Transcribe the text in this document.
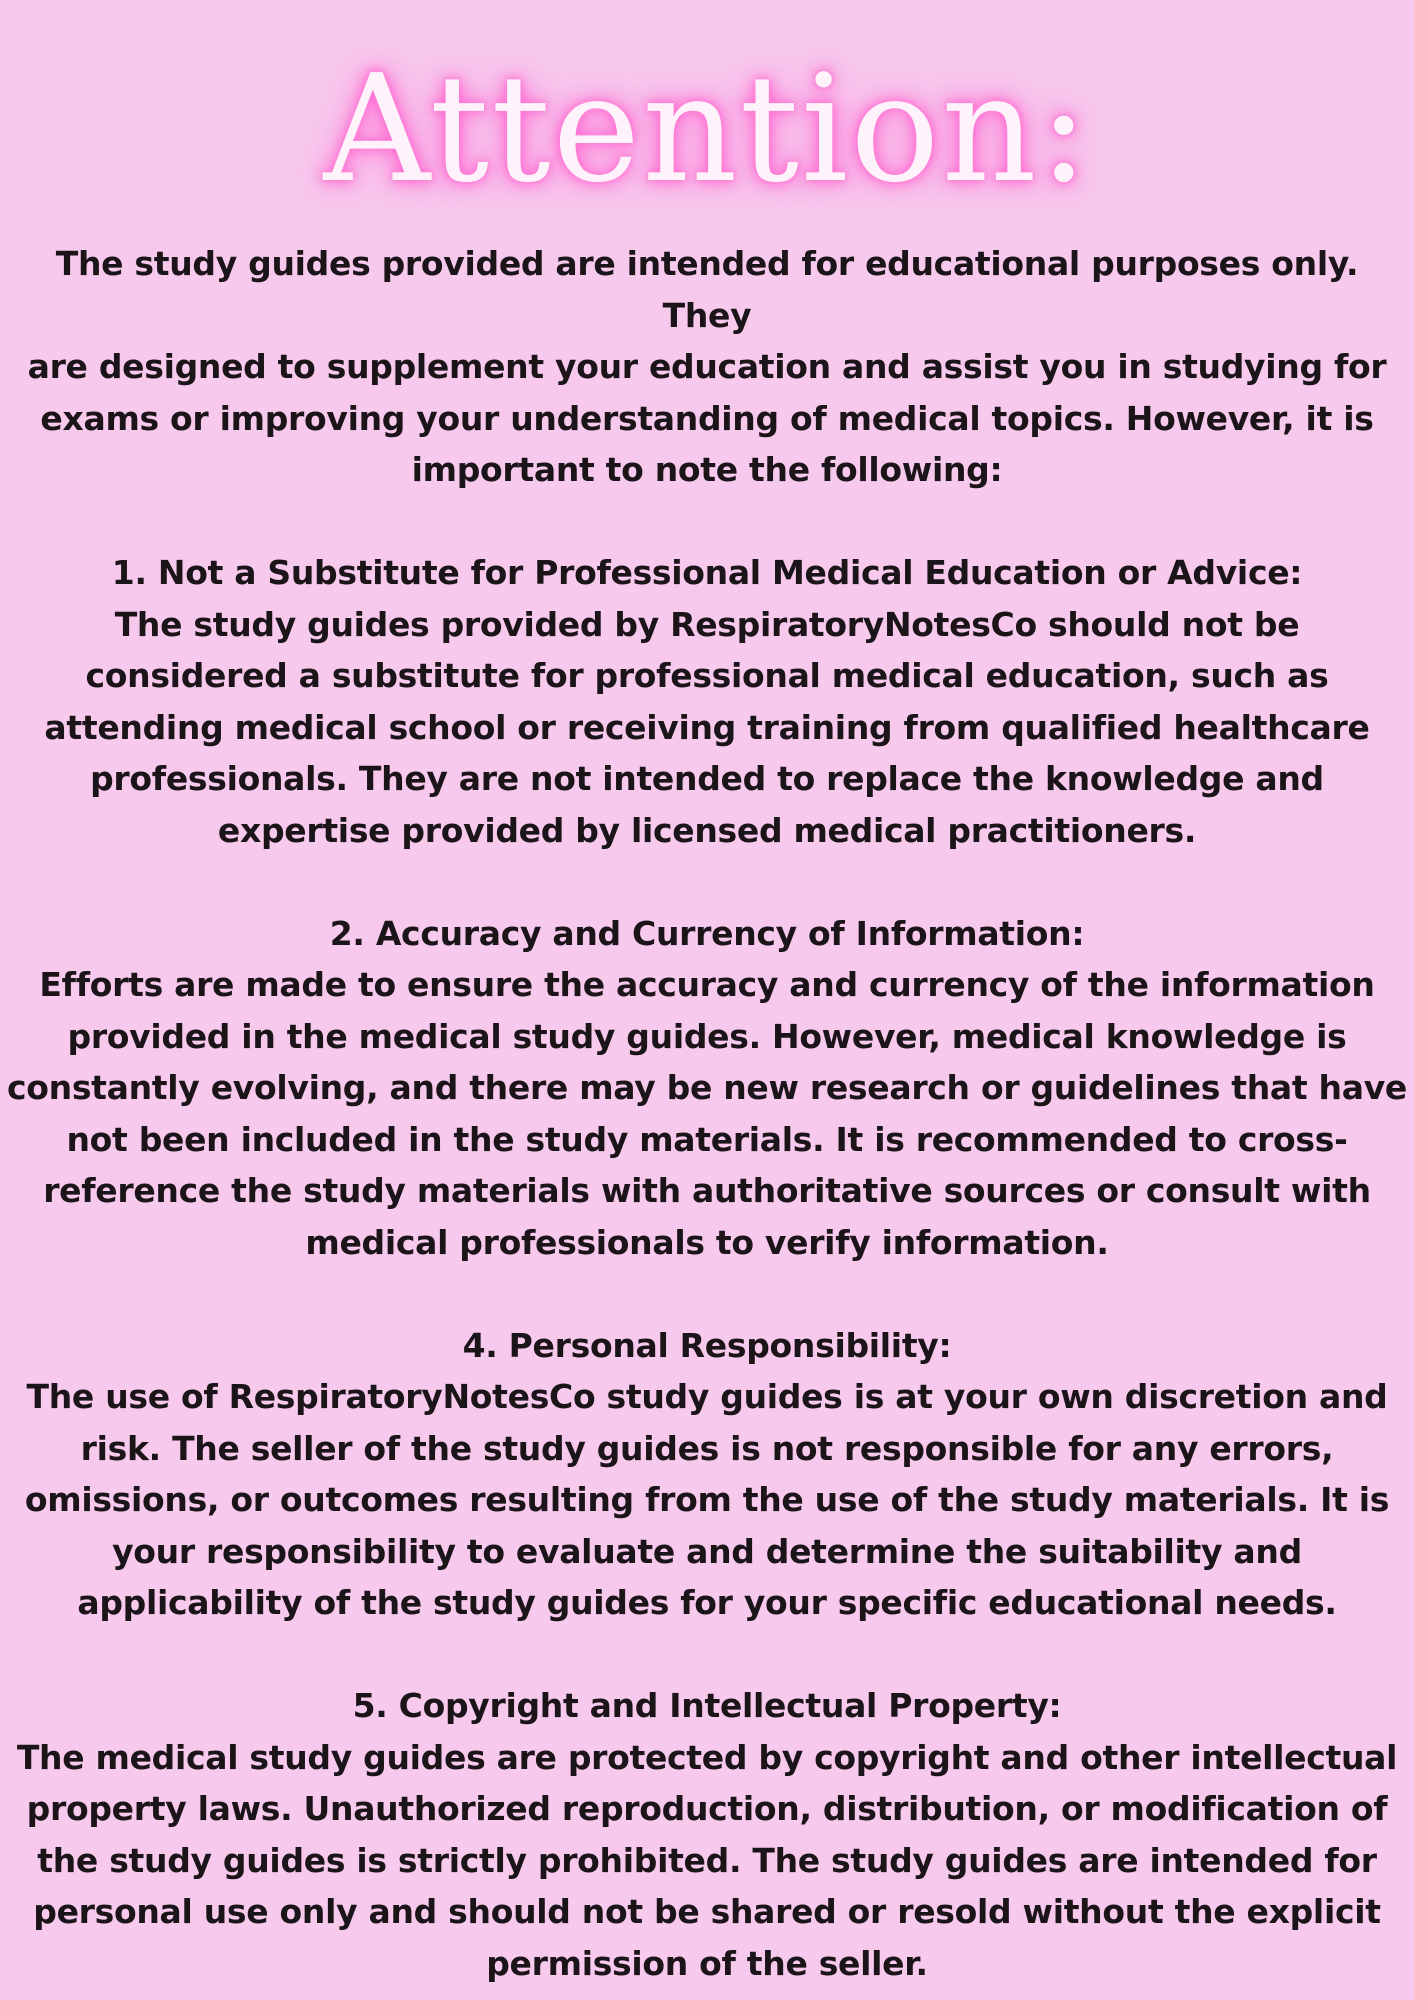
Attention:

The study guides provided are intended for educational purposes only. They
are designed to supplement your education and assist you in studying for
exams or improving your understanding of medical topics. However, it is
important to note the following:

1. Not a Substitute for Professional Medical Education or Advice:

The study guides provided by RespiratoryNotesCo should not be
considered a substitute for professional medical education, such as
attending medical school or receiving training from qualified healthcare
professionals. They are not intended to replace the knowledge and
expertise provided by licensed medical practitioners.

2. Accuracy and Currency of Information:

Efforts are made to ensure the accuracy and currency of the information
provided in the medical study guides. However, medical knowledge is
constantly evolving, and there may be new research or guidelines that have
not been included in the study materials. It is recommended to cross-
reference the study materials with authoritative sources or consult with
medical professionals to verify information.

4. Personal Responsibility:

The use of RespiratoryNotesCo study guides is at your own discretion and
risk. The seller of the study guides is not responsible for any errors,
omissions, or outcomes resulting from the use of the study materials. It is
your responsibility to evaluate and determine the suitability and
applicability of the study guides for your specific educational needs.

5. Copyright and Intellectual Property:

The medical study guides are protected by copyright and other intellectual
property laws. Unauthorized reproduction, distribution, or modification of
the study guides is strictly prohibited. The study guides are intended for
personal use only and should not be shared or resold without the explicit
permission of the seller.
